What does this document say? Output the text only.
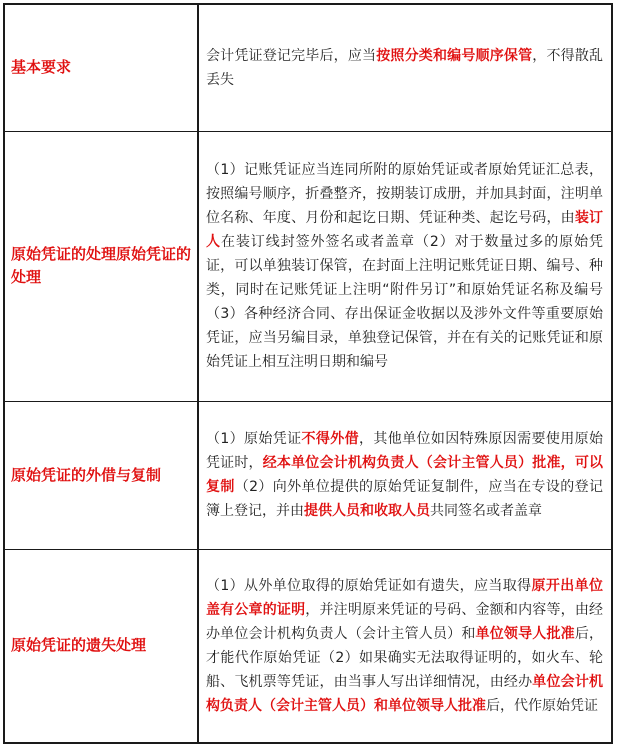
基本要求	会计凭证登记完毕后，应当按照分类和编号顺序保管，不得散乱丢失
原始凭证的处理原始凭证的处理	（1）记账凭证应当连同所附的原始凭证或者原始凭证汇总表，按照编号顺序，折叠整齐，按期装订成册，并加具封面，注明单位名称、年度、月份和起讫日期、凭证种类、起讫号码，由装订人在装订线封签外签名或者盖章（2）对于数量过多的原始凭证，可以单独装订保管，在封面上注明记账凭证日期、编号、种类，同时在记账凭证上注明“附件另订”和原始凭证名称及编号（3）各种经济合同、存出保证金收据以及涉外文件等重要原始凭证，应当另编目录，单独登记保管，并在有关的记账凭证和原始凭证上相互注明日期和编号
原始凭证的外借与复制	（1）原始凭证不得外借，其他单位如因特殊原因需要使用原始凭证时，经本单位会计机构负责人（会计主管人员）批准，可以复制（2）向外单位提供的原始凭证复制件，应当在专设的登记簿上登记，并由提供人员和收取人员共同签名或者盖章
原始凭证的遗失处理	（1）从外单位取得的原始凭证如有遗失，应当取得原开出单位盖有公章的证明，并注明原来凭证的号码、金额和内容等，由经办单位会计机构负责人（会计主管人员）和单位领导人批准后，才能代作原始凭证（2）如果确实无法取得证明的，如火车、轮船、飞机票等凭证，由当事人写出详细情况，由经办单位会计机构负责人（会计主管人员）和单位领导人批准后，代作原始凭证
